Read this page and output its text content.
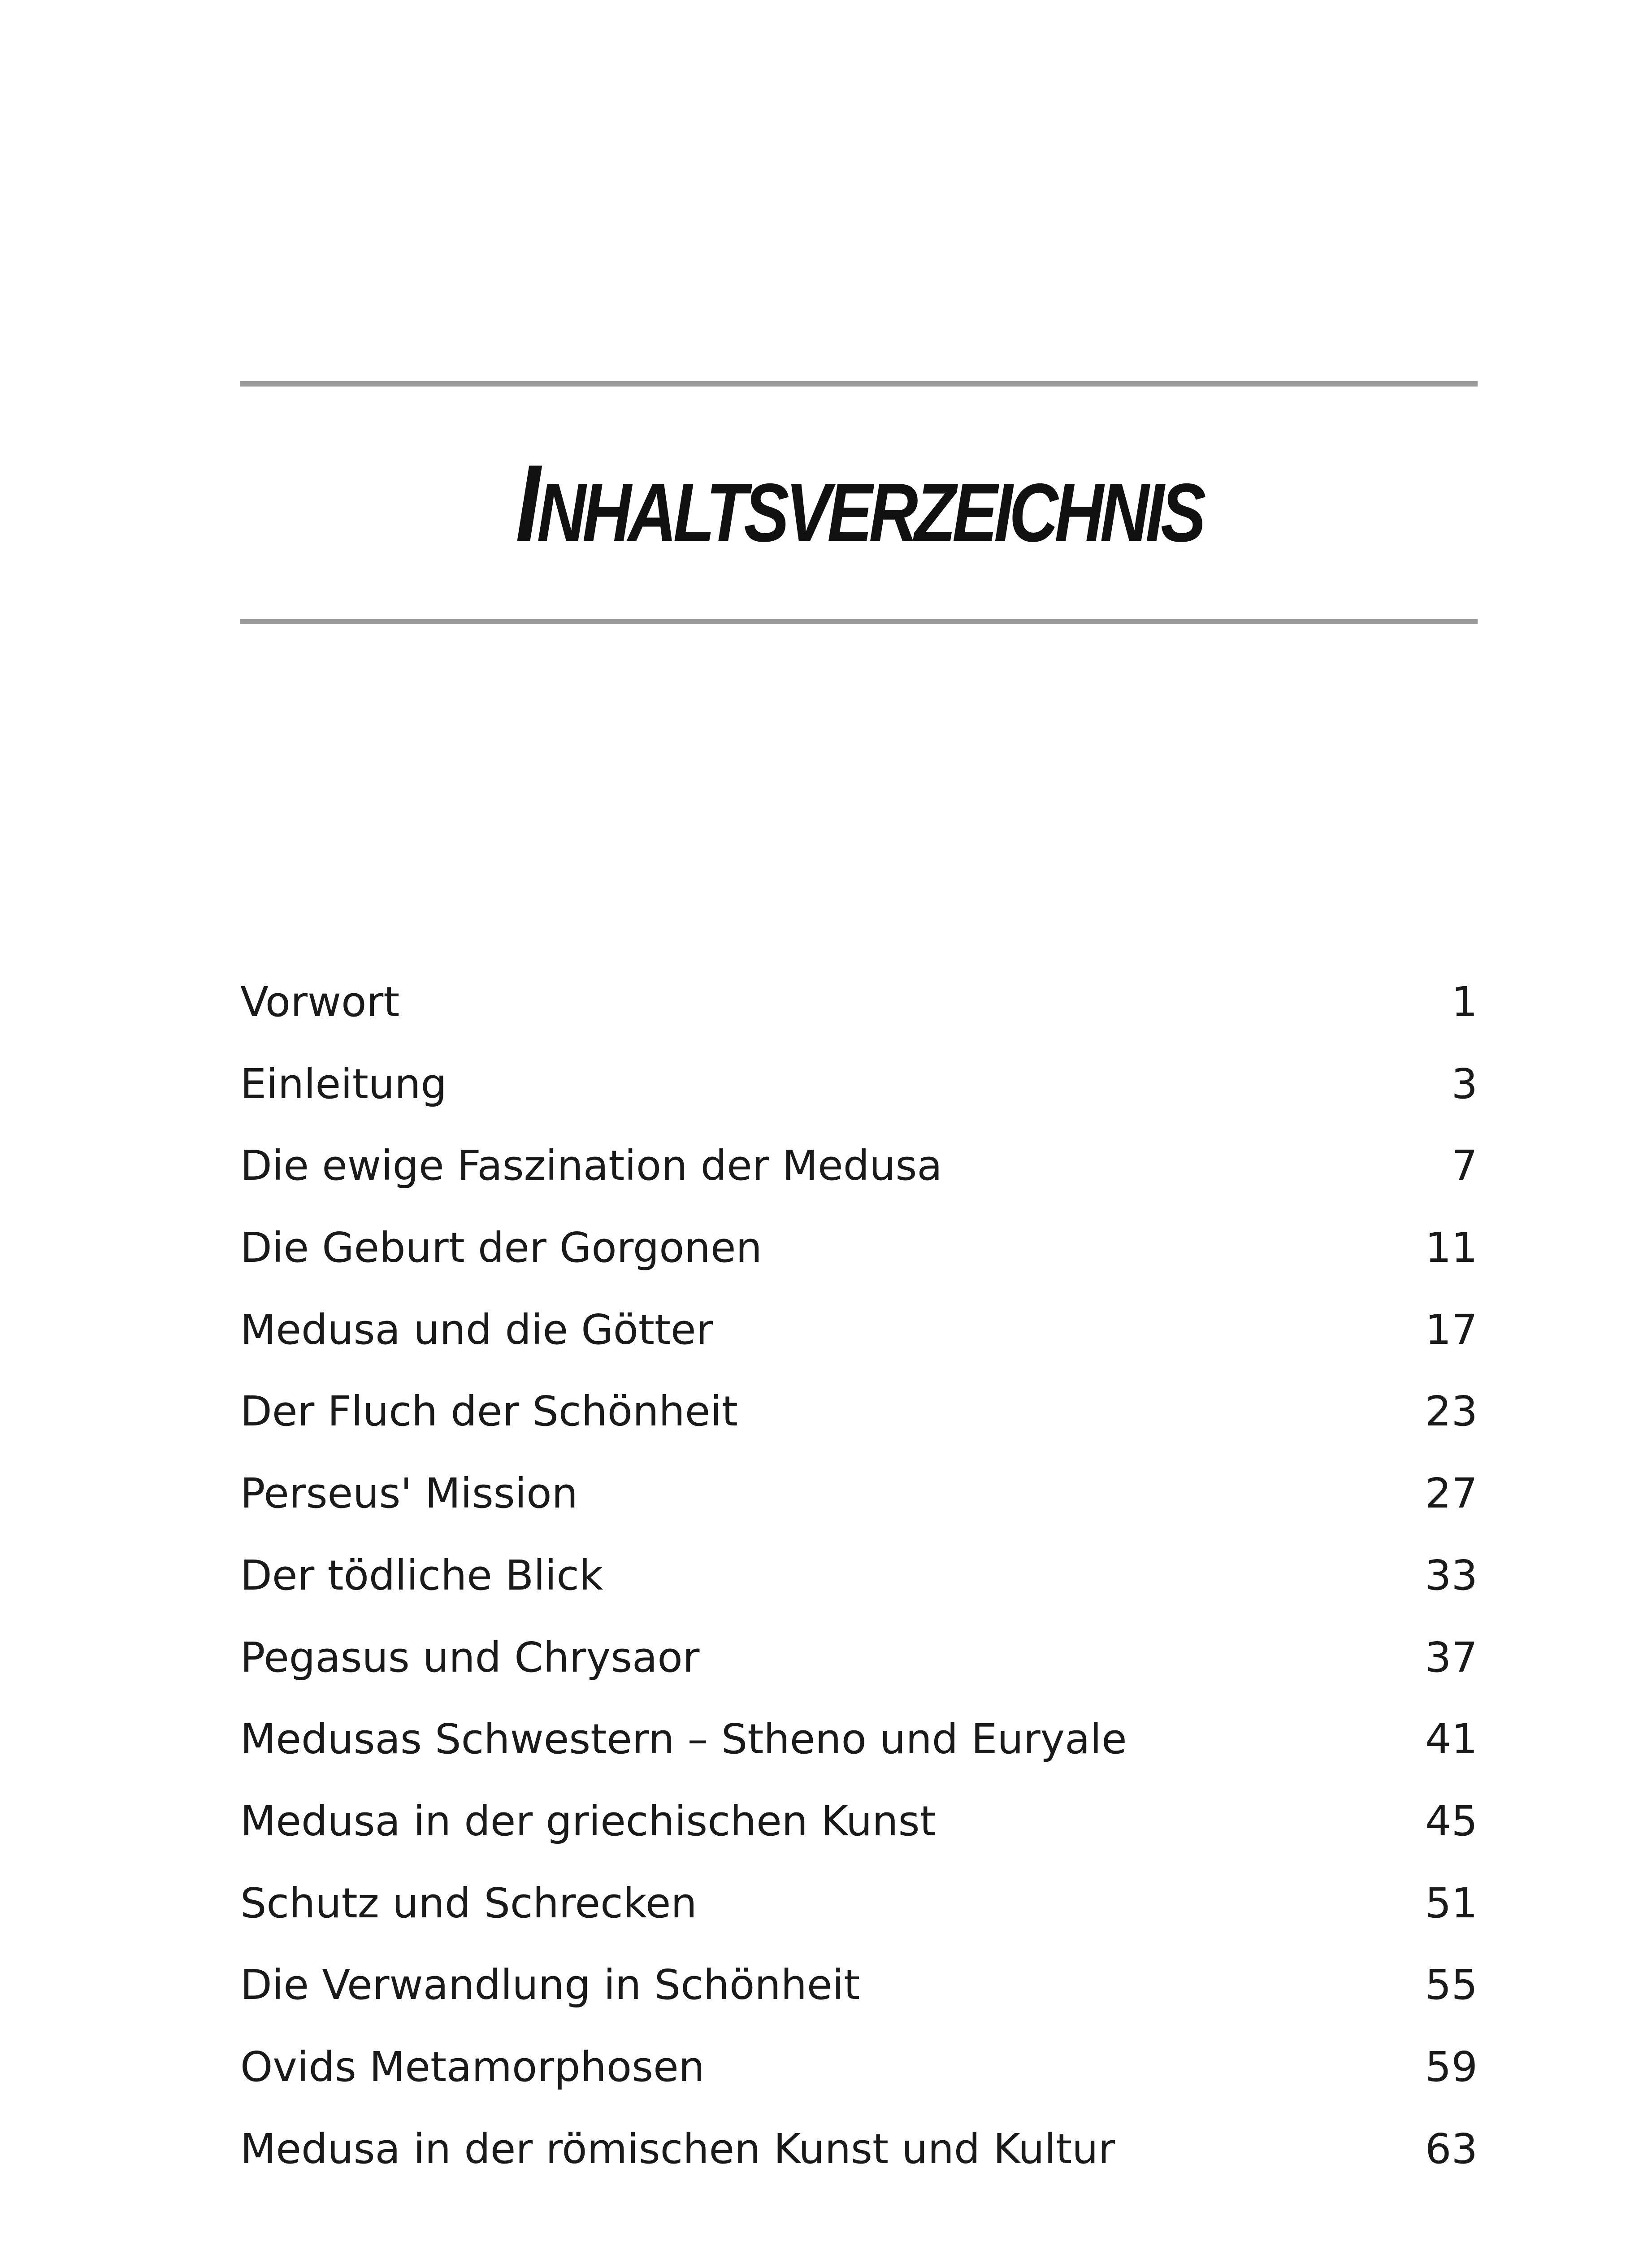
INHALTSVERZEICHNIS
Vorwort	1
Einleitung	3
Die ewige Faszination der Medusa	7
Die Geburt der Gorgonen	11
Medusa und die Götter	17
Der Fluch der Schönheit	23
Perseus' Mission	27
Der tödliche Blick	33
Pegasus und Chrysaor	37
Medusas Schwestern – Stheno und Euryale	41
Medusa in der griechischen Kunst	45
Schutz und Schrecken	51
Die Verwandlung in Schönheit	55
Ovids Metamorphosen	59
Medusa in der römischen Kunst und Kultur	63
